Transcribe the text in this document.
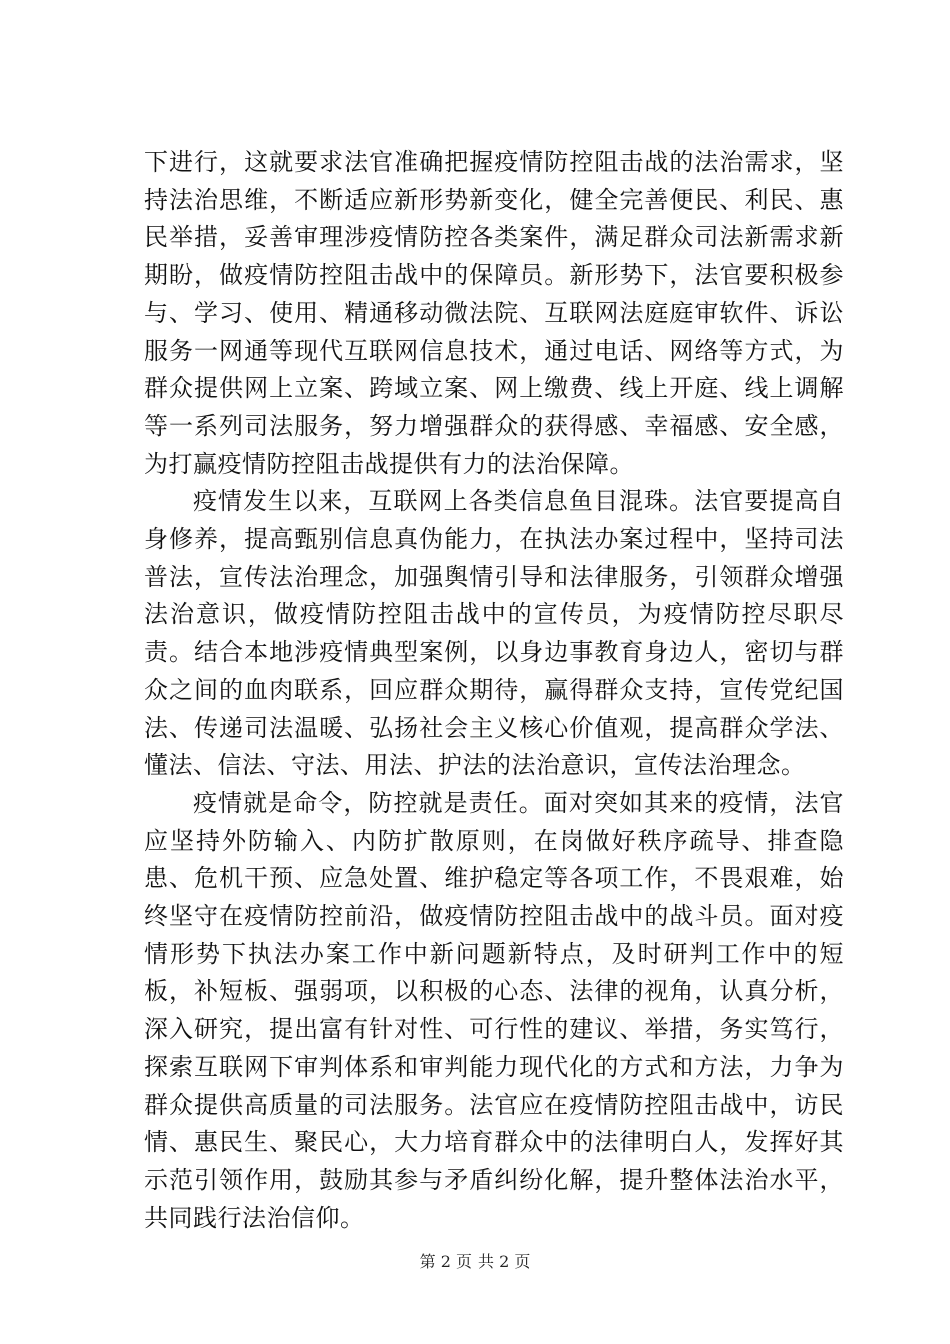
下进行，这就要求法官准确把握疫情防控阻击战的法治需求，坚持法治思维，不断适应新形势新变化，健全完善便民、利民、惠民举措，妥善审理涉疫情防控各类案件，满足群众司法新需求新期盼，做疫情防控阻击战中的保障员。新形势下，法官要积极参与、学习、使用、精通移动微法院、互联网法庭庭审软件、诉讼服务一网通等现代互联网信息技术，通过电话、网络等方式，为群众提供网上立案、跨域立案、网上缴费、线上开庭、线上调解等一系列司法服务，努力增强群众的获得感、幸福感、安全感，为打赢疫情防控阻击战提供有力的法治保障。

疫情发生以来，互联网上各类信息鱼目混珠。法官要提高自身修养，提高甄别信息真伪能力，在执法办案过程中，坚持司法普法，宣传法治理念，加强舆情引导和法律服务，引领群众增强法治意识，做疫情防控阻击战中的宣传员，为疫情防控尽职尽责。结合本地涉疫情典型案例，以身边事教育身边人，密切与群众之间的血肉联系，回应群众期待，赢得群众支持，宣传党纪国法、传递司法温暖、弘扬社会主义核心价值观，提高群众学法、懂法、信法、守法、用法、护法的法治意识，宣传法治理念。

疫情就是命令，防控就是责任。面对突如其来的疫情，法官应坚持外防输入、内防扩散原则，在岗做好秩序疏导、排查隐患、危机干预、应急处置、维护稳定等各项工作，不畏艰难，始终坚守在疫情防控前沿，做疫情防控阻击战中的战斗员。面对疫情形势下执法办案工作中新问题新特点，及时研判工作中的短板，补短板、强弱项，以积极的心态、法律的视角，认真分析，深入研究，提出富有针对性、可行性的建议、举措，务实笃行，探索互联网下审判体系和审判能力现代化的方式和方法，力争为群众提供高质量的司法服务。法官应在疫情防控阻击战中，访民情、惠民生、聚民心，大力培育群众中的法律明白人，发挥好其示范引领作用，鼓励其参与矛盾纠纷化解，提升整体法治水平，共同践行法治信仰。

第 2 页 共 2 页
